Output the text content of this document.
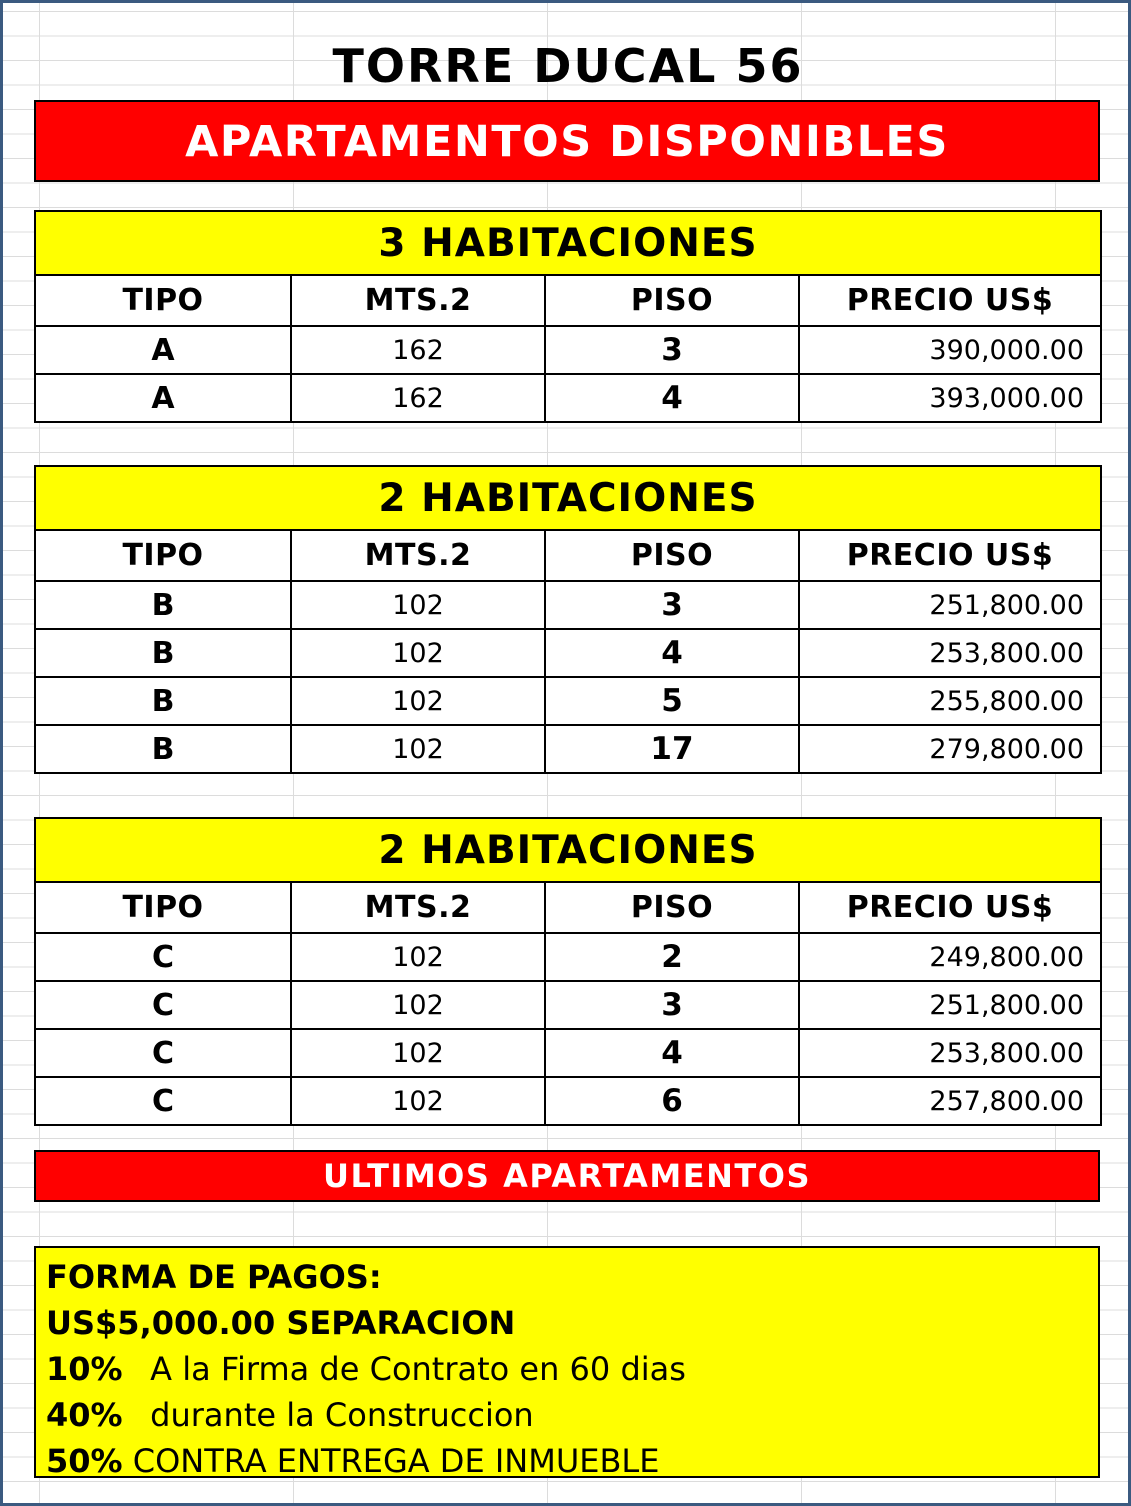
TORRE DUCAL 56
APARTAMENTOS DISPONIBLES
3 HABITACIONES			
TIPO	MTS.2	PISO	PRECIO US$
A	162	3	390,000.00
A	162	4	393,000.00
2 HABITACIONES			
TIPO	MTS.2	PISO	PRECIO US$
B	102	3	251,800.00
B	102	4	253,800.00
B	102	5	255,800.00
B	102	17	279,800.00
2 HABITACIONES			
TIPO	MTS.2	PISO	PRECIO US$
C	102	2	249,800.00
C	102	3	251,800.00
C	102	4	253,800.00
C	102	6	257,800.00
ULTIMOS APARTAMENTOS
FORMA DE PAGOS:
US$5,000.00 SEPARACION
10% A la Firma de Contrato en 60 dias
40% durante la Construccion
50% CONTRA ENTREGA DE INMUEBLE
